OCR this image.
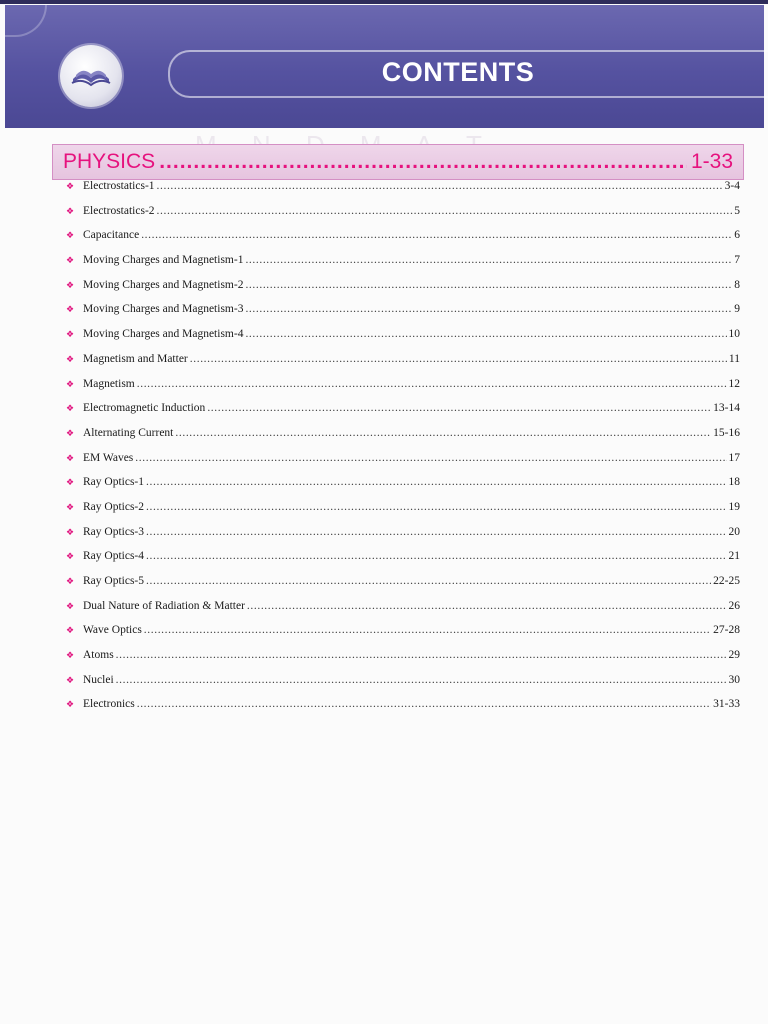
CONTENTS
PHYSICS .....	1-33
❖ Electrostatics-1 .....	3-4
❖ Electrostatics-2 .....	5
❖ Capacitance .....	6
❖ Moving Charges and Magnetism-1 .....	7
❖ Moving Charges and Magnetism-2 .....	8
❖ Moving Charges and Magnetism-3 .....	9
❖ Moving Charges and Magnetism-4 .....	10
❖ Magnetism and Matter .....	11
❖ Magnetism .....	12
❖ Electromagnetic Induction .....	13-14
❖ Alternating Current .....	15-16
❖ EM Waves .....	17
❖ Ray Optics-1 .....	18
❖ Ray Optics-2 .....	19
❖ Ray Optics-3 .....	20
❖ Ray Optics-4 .....	21
❖ Ray Optics-5 .....	22-25
❖ Dual Nature of Radiation & Matter .....	26
❖ Wave Optics .....	27-28
❖ Atoms .....	29
❖ Nuclei .....	30
❖ Electronics .....	31-33
